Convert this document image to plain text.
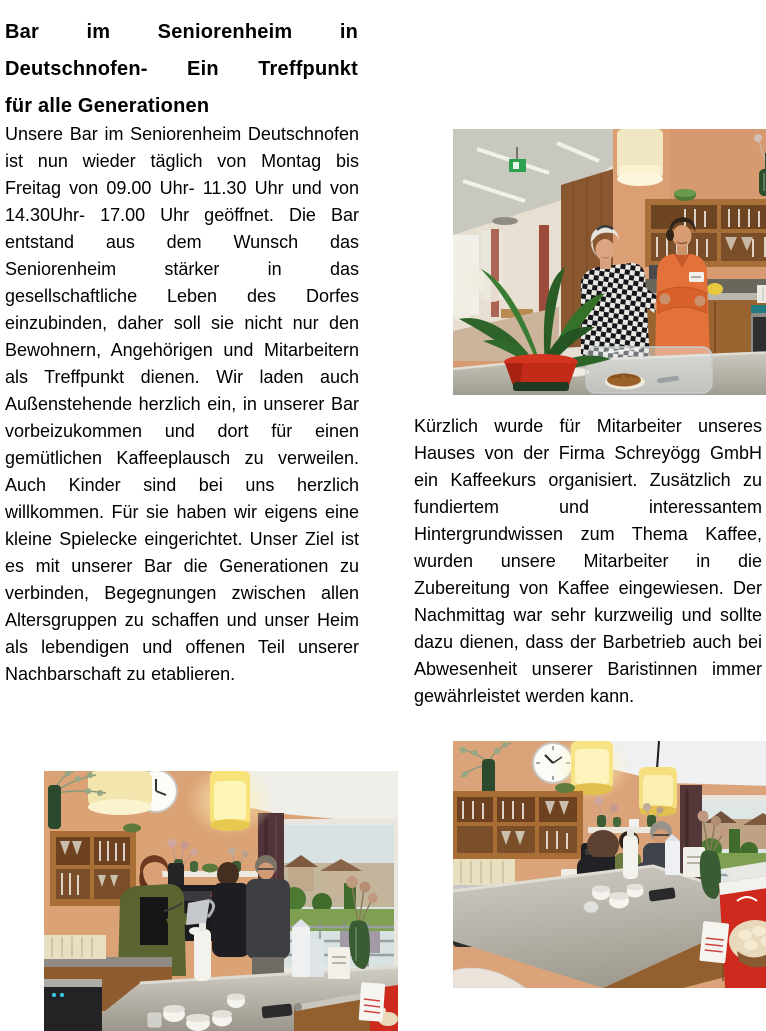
Bar im Seniorenheim in
Deutschnofen- Ein Treffpunkt
für alle Generationen

Unsere Bar im Seniorenheim Deutschnofen ist nun wieder täglich von Montag bis Freitag von 09.00 Uhr- 11.30 Uhr und von 14.30Uhr- 17.00 Uhr geöffnet. Die Bar entstand aus dem Wunsch das Seniorenheim stärker in das gesellschaftliche Leben des Dorfes einzubinden, daher soll sie nicht nur den Bewohnern, Angehörigen und Mitarbeitern als Treffpunkt dienen. Wir laden auch Außenstehende herzlich ein, in unserer Bar vorbeizukommen und dort für einen gemütlichen Kaffeeplausch zu verweilen. Auch Kinder sind bei uns herzlich willkommen. Für sie haben wir eigens eine kleine Spielecke eingerichtet. Unser Ziel ist es mit unserer Bar die Generationen zu verbinden, Begegnungen zwischen allen Altersgruppen zu schaffen und unser Heim als lebendigen und offenen Teil unserer Nachbarschaft zu etablieren.

Kürzlich wurde für Mitarbeiter unseres Hauses von der Firma Schreyögg GmbH ein Kaffeekurs organisiert. Zusätzlich zu fundiertem und interessantem Hintergrundwissen zum Thema Kaffee, wurden unsere Mitarbeiter in die Zubereitung von Kaffee eingewiesen. Der Nachmittag war sehr kurzweilig und sollte dazu dienen, dass der Barbetrieb auch bei Abwesenheit unserer Baristinnen immer gewährleistet werden kann.
